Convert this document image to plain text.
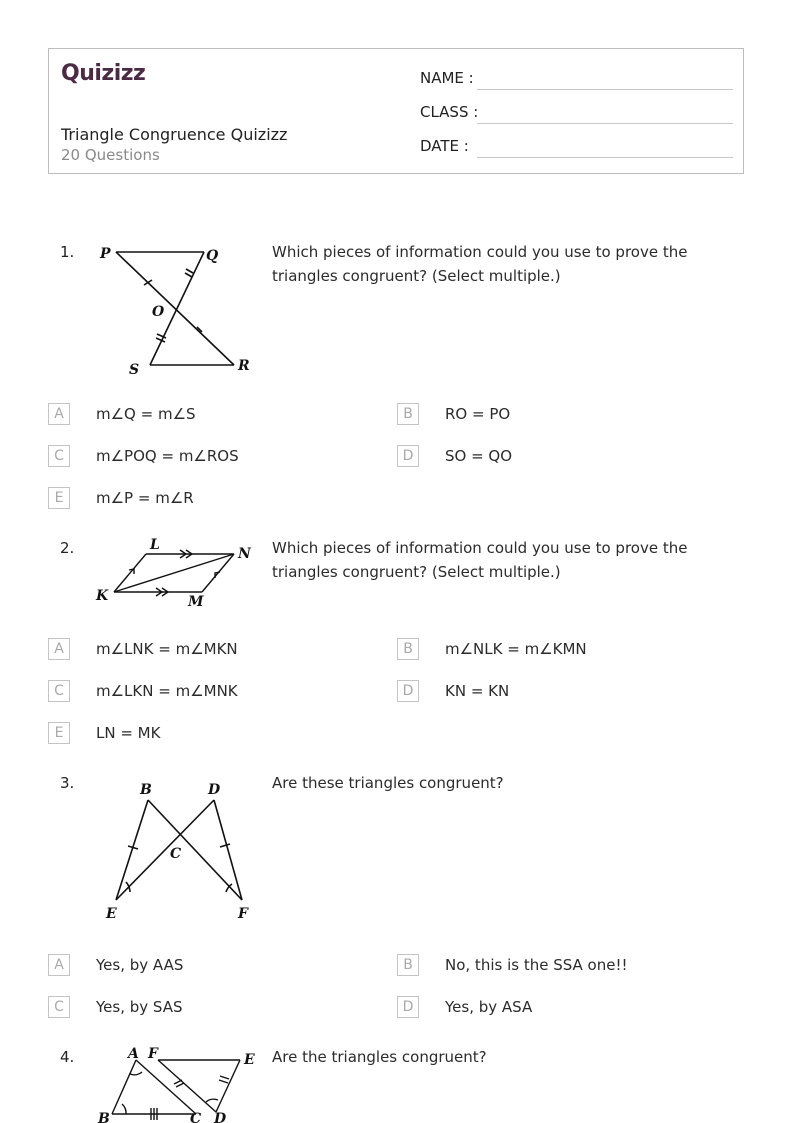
Quizizz
Triangle Congruence Quizizz
20 Questions
NAME :
CLASS :
DATE :
1.	Which pieces of information could you use to prove the triangles congruent? (Select multiple.)
P	Q
O
S	R
A	m∠Q = m∠S	B	RO = PO
C	m∠POQ = m∠ROS	D	SO = QO
E	m∠P = m∠R
2.	Which pieces of information could you use to prove the triangles congruent? (Select multiple.)
L
N
K	M
A	m∠LNK = m∠MKN	B	m∠NLK = m∠KMN
C	m∠LKN = m∠MNK	D	KN = KN
E	LN = MK
3.	Are these triangles congruent?
B	D
C
E	F
A	Yes, by AAS	B	No, this is the SSA one!!
C	Yes, by SAS	D	Yes, by ASA
4.	Are the triangles congruent?
A F	E
B	C D
